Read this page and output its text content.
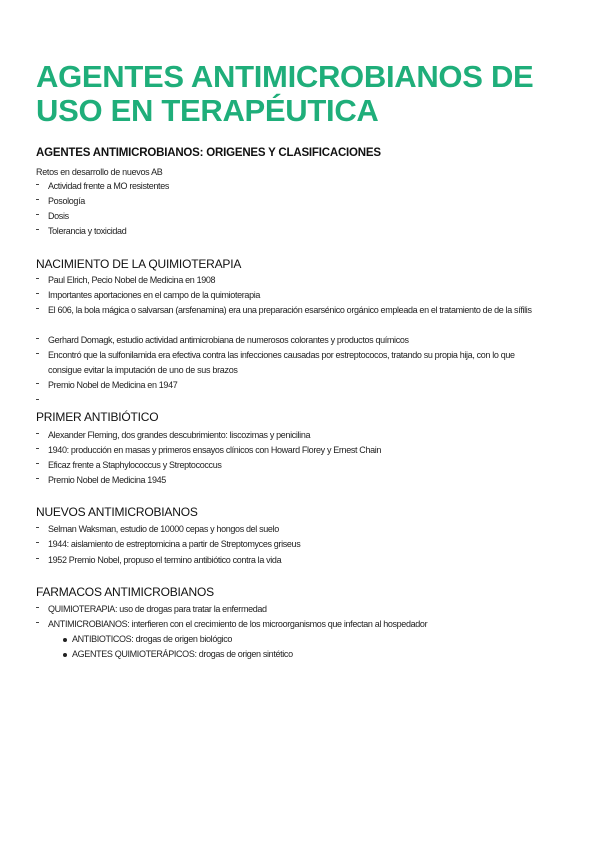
AGENTES ANTIMICROBIANOS DE
USO EN TERAPÉUTICA
AGENTES ANTIMICROBIANOS: ORIGENES Y CLASIFICACIONES
Retos en desarrollo de nuevos AB
Actividad frente a MO resistentes
Posología
Dosis
Tolerancia y toxicidad
NACIMIENTO DE LA QUIMIOTERAPIA
Paul Elrich, Pecio Nobel de Medicina en 1908
Importantes aportaciones en el campo de la quimioterapia
El 606, la bola mágica o salvarsan (arsfenamina) era una preparación esarsénico orgánico empleada en el tratamiento de de la sífilis
Gerhard Domagk, estudio actividad antimicrobiana de numerosos colorantes y productos químicos
Encontró que la sulfonilamida era efectiva contra las infecciones causadas por estreptococos, tratando su propia hija, con lo que
consigue evitar la imputación de uno de sus brazos
Premio Nobel de Medicina en 1947
PRIMER ANTIBIÓTICO
Alexander Fleming, dos grandes descubrimiento: liscozimas y penicilina
1940: producción en masas y primeros ensayos clínicos con Howard Florey y Ernest Chain
Eficaz frente a Staphylococcus y Streptococcus
Premio Nobel de Medicina 1945
NUEVOS ANTIMICROBIANOS
Selman Waksman, estudio de 10000 cepas y hongos del suelo
1944: aislamiento de estreptomicina a partir de Streptomyces griseus
1952 Premio Nobel, propuso el termino antibiótico contra la vida
FARMACOS ANTIMICROBIANOS
QUIMIOTERAPIA: uso de drogas para tratar la enfermedad
ANTIMICROBIANOS: interfieren con el crecimiento de los microorganismos que infectan al hospedador
ANTIBIOTICOS: drogas de origen biológico
AGENTES QUIMIOTERÁPICOS: drogas de origen sintético
